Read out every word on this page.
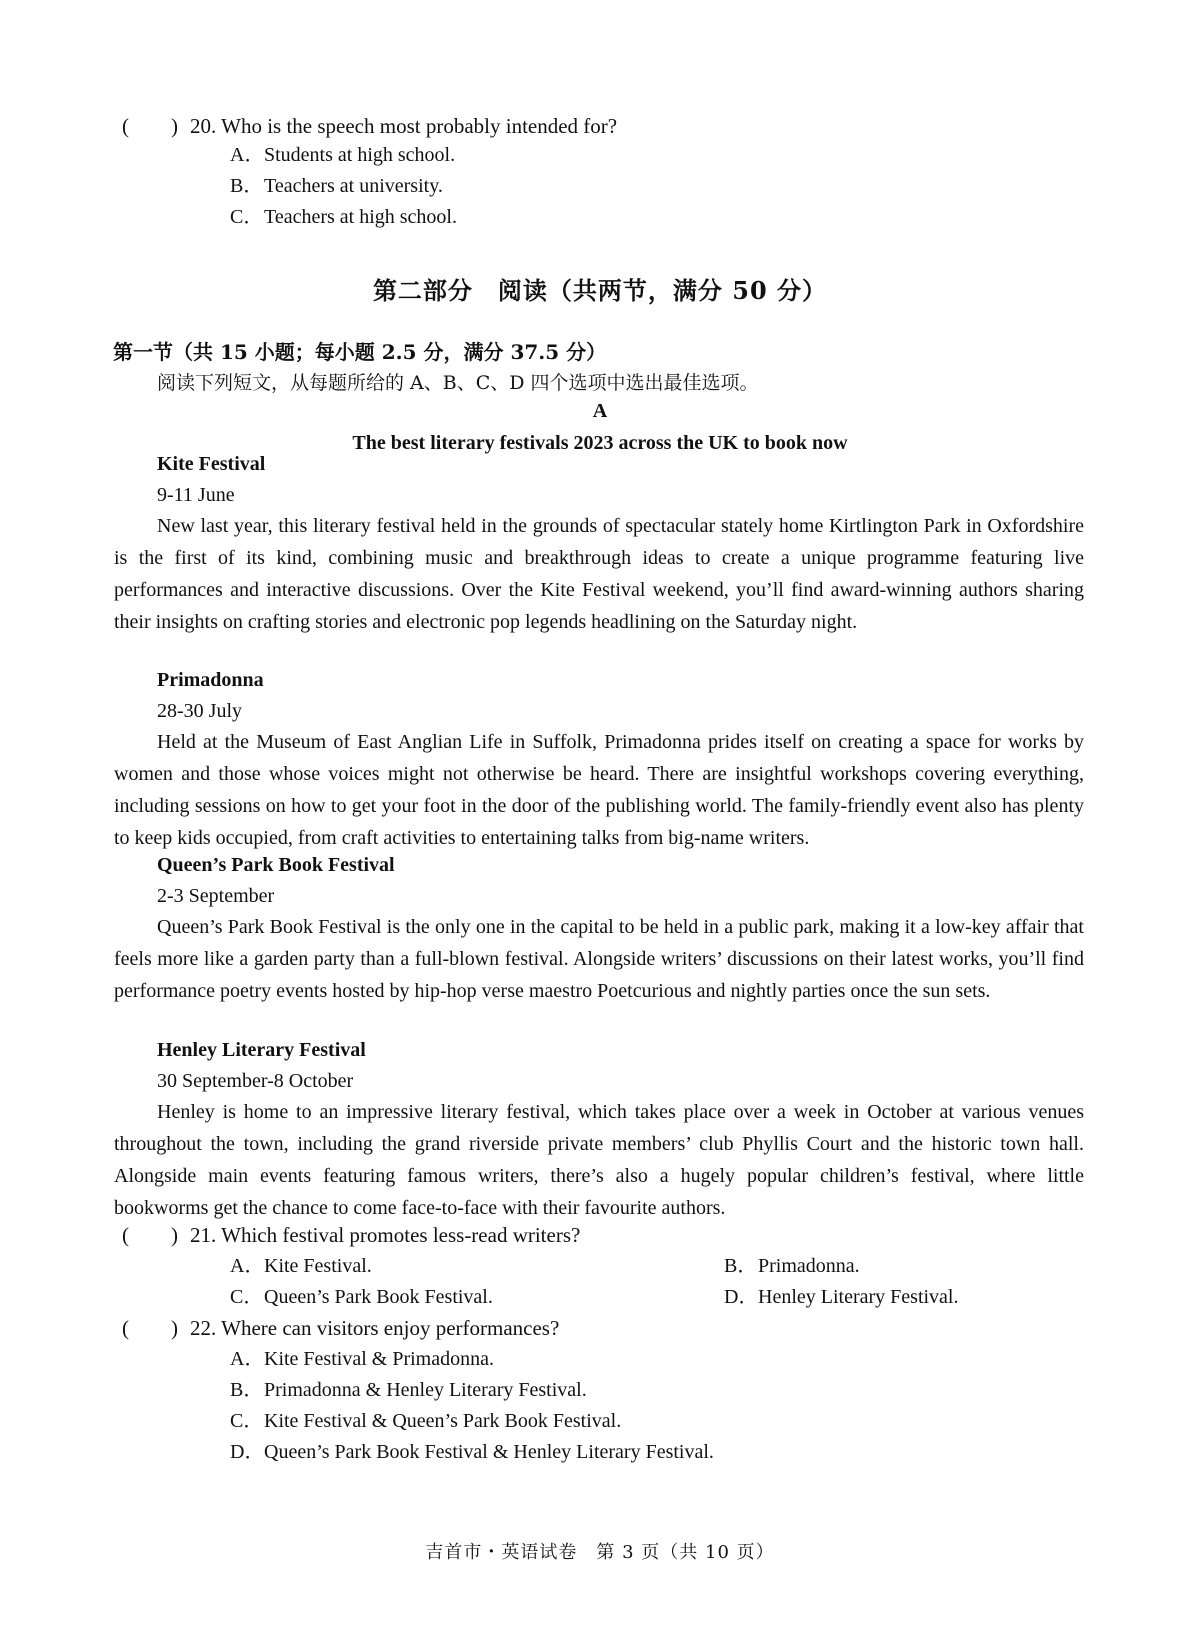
(　　) 20. Who is the speech most probably intended for?
A．Students at high school.
B．Teachers at university.
C．Teachers at high school.
第二部分　阅读（共两节，满分 50 分）
第一节（共 15 小题；每小题 2.5 分，满分 37.5 分）
阅读下列短文，从每题所给的 A、B、C、D 四个选项中选出最佳选项。
A
The best literary festivals 2023 across the UK to book now
Kite Festival
9-11 June

New last year, this literary festival held in the grounds of spectacular stately home Kirtlington Park in Oxfordshire is the first of its kind, combining music and breakthrough ideas to create a unique programme featuring live performances and interactive discussions. Over the Kite Festival weekend, you’ll find award-winning authors sharing their insights on crafting stories and electronic pop legends headlining on the Saturday night.

Primadonna
28-30 July

Held at the Museum of East Anglian Life in Suffolk, Primadonna prides itself on creating a space for works by women and those whose voices might not otherwise be heard. There are insightful workshops covering everything, including sessions on how to get your foot in the door of the publishing world. The family-friendly event also has plenty to keep kids occupied, from craft activities to entertaining talks from big-name writers.

Queen’s Park Book Festival
2-3 September

Queen’s Park Book Festival is the only one in the capital to be held in a public park, making it a low-key affair that feels more like a garden party than a full-blown festival. Alongside writers’ discussions on their latest works, you’ll find performance poetry events hosted by hip-hop verse maestro Poetcurious and nightly parties once the sun sets.

Henley Literary Festival
30 September-8 October

Henley is home to an impressive literary festival, which takes place over a week in October at various venues throughout the town, including the grand riverside private members’ club Phyllis Court and the historic town hall. Alongside main events featuring famous writers, there’s also a hugely popular children’s festival, where little bookworms get the chance to come face-to-face with their favourite authors.

(　　) 21. Which festival promotes less-read writers?
A．Kite Festival.	B．Primadonna.
C．Queen’s Park Book Festival.	D．Henley Literary Festival.
(　　) 22. Where can visitors enjoy performances?
A．Kite Festival & Primadonna.
B．Primadonna & Henley Literary Festival.
C．Kite Festival & Queen’s Park Book Festival.
D．Queen’s Park Book Festival & Henley Literary Festival.
吉首市・英语试卷　第 3 页（共 10 页）
